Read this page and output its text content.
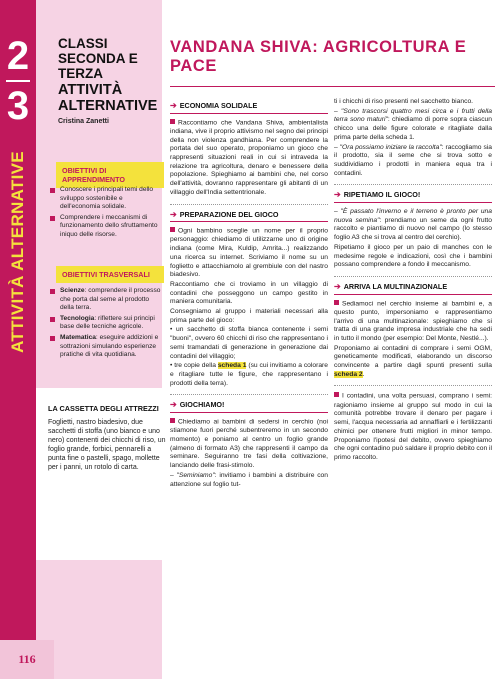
2
3
ATTIVITÀ ALTERNATIVE
116
CLASSI SECONDA E TERZA
ATTIVITÀ ALTERNATIVE
Cristina Zanetti
OBIETTIVI DI APPRENDIMENTO
Conoscere i principali temi dello sviluppo sostenibile e dell'economia solidale.
Comprendere i meccanismi di funzionamento dello sfruttamento iniquo delle risorse.
OBIETTIVI TRASVERSALI
Scienze: comprendere il processo che porta dal seme al prodotto della terra.
Tecnologia: riflettere sui principi base delle tecniche agricole.
Matematica: eseguire addizioni e sottrazioni simulando esperienze pratiche di vita quotidiana.
LA CASSETTA DEGLI ATTREZZI
Foglietti, nastro biadesivo, due sacchetti di stoffa (uno bianco e uno nero) contenenti dei chicchi di riso, un foglio grande, forbici, pennarelli a punta fine o pastelli, spago, mollette per i panni, un rotolo di carta.
VANDANA SHIVA: AGRICOLTURA E PACE
➔ ECONOMIA SOLIDALE

Raccontiamo che Vandana Shiva, ambientalista indiana, vive il proprio attivismo nel segno dei principi della non violenza gandhiana. Per comprendere la portata del suo operato, proponiamo un gioco che rappresenti situazioni reali in cui si intraveda la relazione tra agricoltura, denaro e benessere della popolazione. Spieghiamo ai bambini che, nel corso dell'attività, dovranno rappresentare gli abitanti di un villaggio dell'India settentrionale.

➔ PREPARAZIONE DEL GIOCO

Ogni bambino sceglie un nome per il proprio personaggio: chiediamo di utilizzarne uno di origine indiana (come Mira, Kuldip, Amrita...) realizzando una ricerca su internet. Scriviamo il nome su un foglietto e attacchiamolo al grembiule con del nastro biadesivo.

Raccontiamo che ci troviamo in un villaggio di contadini che posseggono un campo gestito in maniera comunitaria.

Consegniamo al gruppo i materiali necessari alla prima parte del gioco:

• un sacchetto di stoffa bianca contenente i semi "buoni", ovvero 60 chicchi di riso che rappresentano i semi tramandati di generazione in generazione dai contadini del villaggio;

• tre copie della scheda 1 (su cui invitiamo a colorare e ritagliare tutte le figure, che rappresentano i prodotti della terra).

➔ GIOCHIAMO!

Chiediamo ai bambini di sedersi in cerchio (noi stiamone fuori perché subentreremo in un secondo momento) e poniamo al centro un foglio grande (almeno di formato A3) che rappresenti il campo da seminare. Seguiranno tre fasi della coltivazione, lanciando delle frasi-stimolo.

– "Seminiamo": invitiamo i bambini a distribuire con attenzione sul foglio tut-

ti i chicchi di riso presenti nel sacchetto bianco.

– "Sono trascorsi quattro mesi circa e i frutti della terra sono maturi": chiediamo di porre sopra ciascun chicco una delle figure colorate e ritagliate dalla prima parte della scheda 1.

– "Ora possiamo iniziare la raccolta": raccogliamo sia il prodotto, sia il seme che si trova sotto e suddividiamo i prodotti in maniera equa tra i contadini.

➔ RIPETIAMO IL GIOCO!

– "È passato l'inverno e il terreno è pronto per una nuova semina": prendiamo un seme da ogni frutto raccolto e piantiamo di nuovo nel campo (lo stesso foglio A3 che si trova al centro del cerchio).

Ripetiamo il gioco per un paio di manches con le medesime regole e indicazioni, così che i bambini possano comprendere a fondo il meccanismo.

➔ ARRIVA LA MULTINAZIONALE

Sediamoci nel cerchio insieme ai bambini e, a questo punto, impersoniamo e rappresentiamo l'arrivo di una multinazionale: spieghiamo che si tratta di una grande impresa industriale che ha sedi in tutto il mondo (per esempio: Del Monte, Nestlé...).

Proponiamo ai contadini di comprare i semi OGM, geneticamente modificati, elaborando un discorso convincente a partire dagli spunti presenti sulla scheda 2.

I contadini, una volta persuasi, comprano i semi: ragioniamo insieme al gruppo sul modo in cui la comunità potrebbe trovare il denaro per pagare i semi, l'acqua necessaria ad annaffiarli e i fertilizzanti chimici per ottenere frutti migliori in minor tempo. Proponiamo l'ipotesi del debito, ovvero spieghiamo che ogni contadino può saldare il proprio debito con il primo raccolto.
